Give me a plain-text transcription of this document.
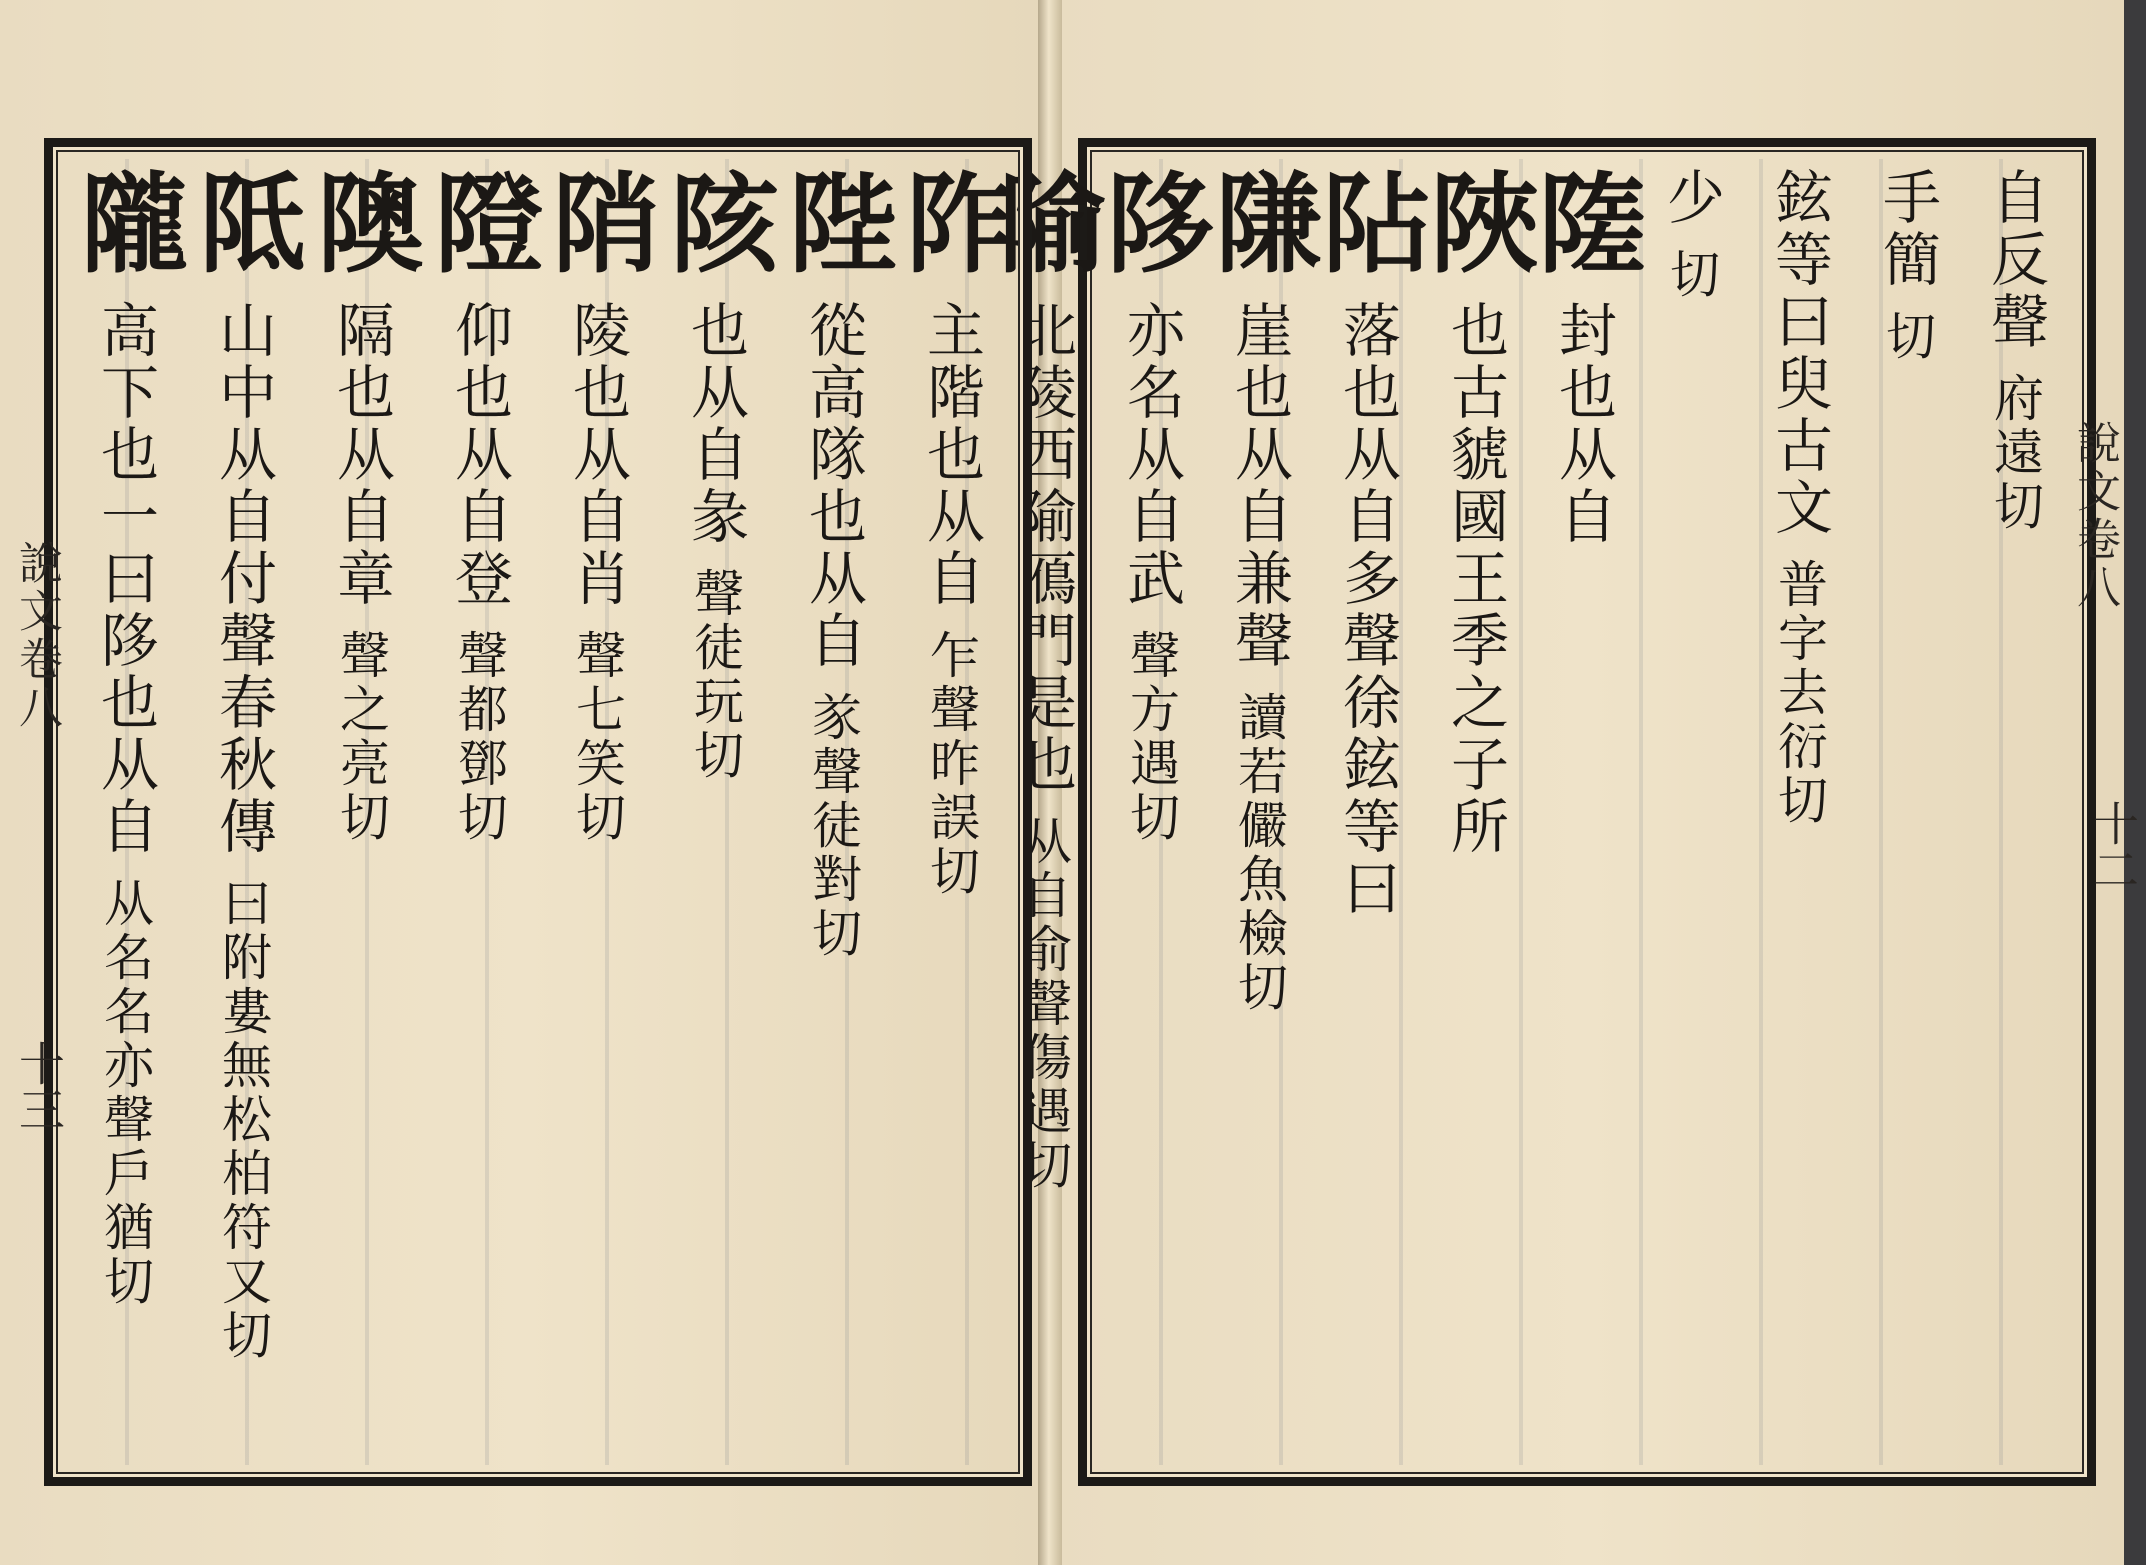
自反聲 府遠切
手簡 切
鉉等曰臾古文 普字去衍切
少 切
隓 封也从自
陜 也古䝞國王季之子所
阽 落也从自多聲徐鉉等曰
隒 崖也从自兼聲 讀若儼魚檢切
陊 亦名从自武 聲方遇切
隃 北陵西隃鴈門是也 从自俞聲傷遇切
阼 主階也从自 乍聲昨誤切
陛 從高隊也从自 㒸聲徒對切
陔 也从自彖 聲徒玩切
陗 陵也从自肖 聲七笑切
隥 仰也从自登 聲都鄧切
隩 隔也从自章 聲之亮切
阺 山中从自付聲春秋傳 曰附婁無松柏符又切
隴 高下也一曰陊也从自 从名名亦聲戶猶切
說文卷八
十二
說文卷八
十三
